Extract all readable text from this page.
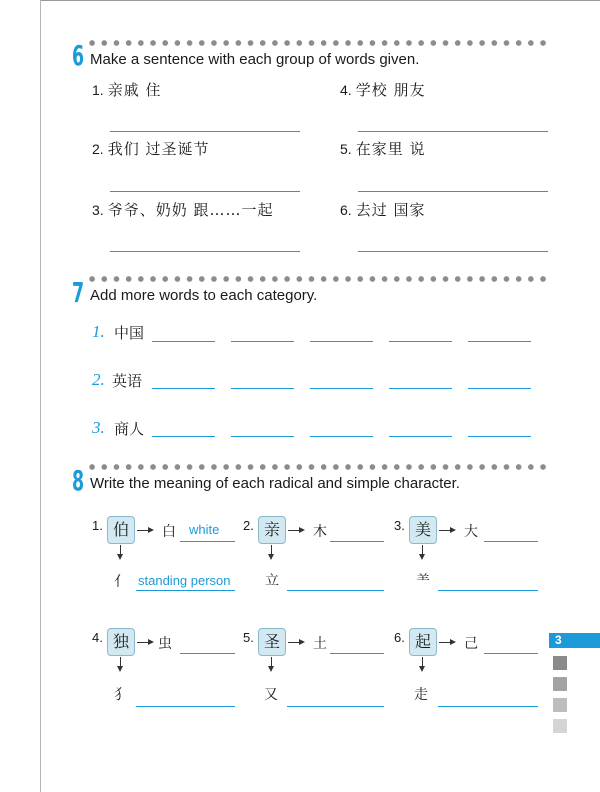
6 Make a sentence with each group of words given.
1. 亲戚 住	4. 学校 朋友
2. 我们 过圣诞节	5. 在家里 说
3. 爷爷、奶奶 跟……一起	6. 去过 国家
7 Add more words to each category.
1. 中国
2. 英语
3. 商人
8 Write the meaning of each radical and simple character.
1. 伯	白 white
亻 standing person
2. 亲	木
立
3. 美	大
⺷
4. 独	虫
犭
5. 圣	土
又
6. 起	己
走
3
